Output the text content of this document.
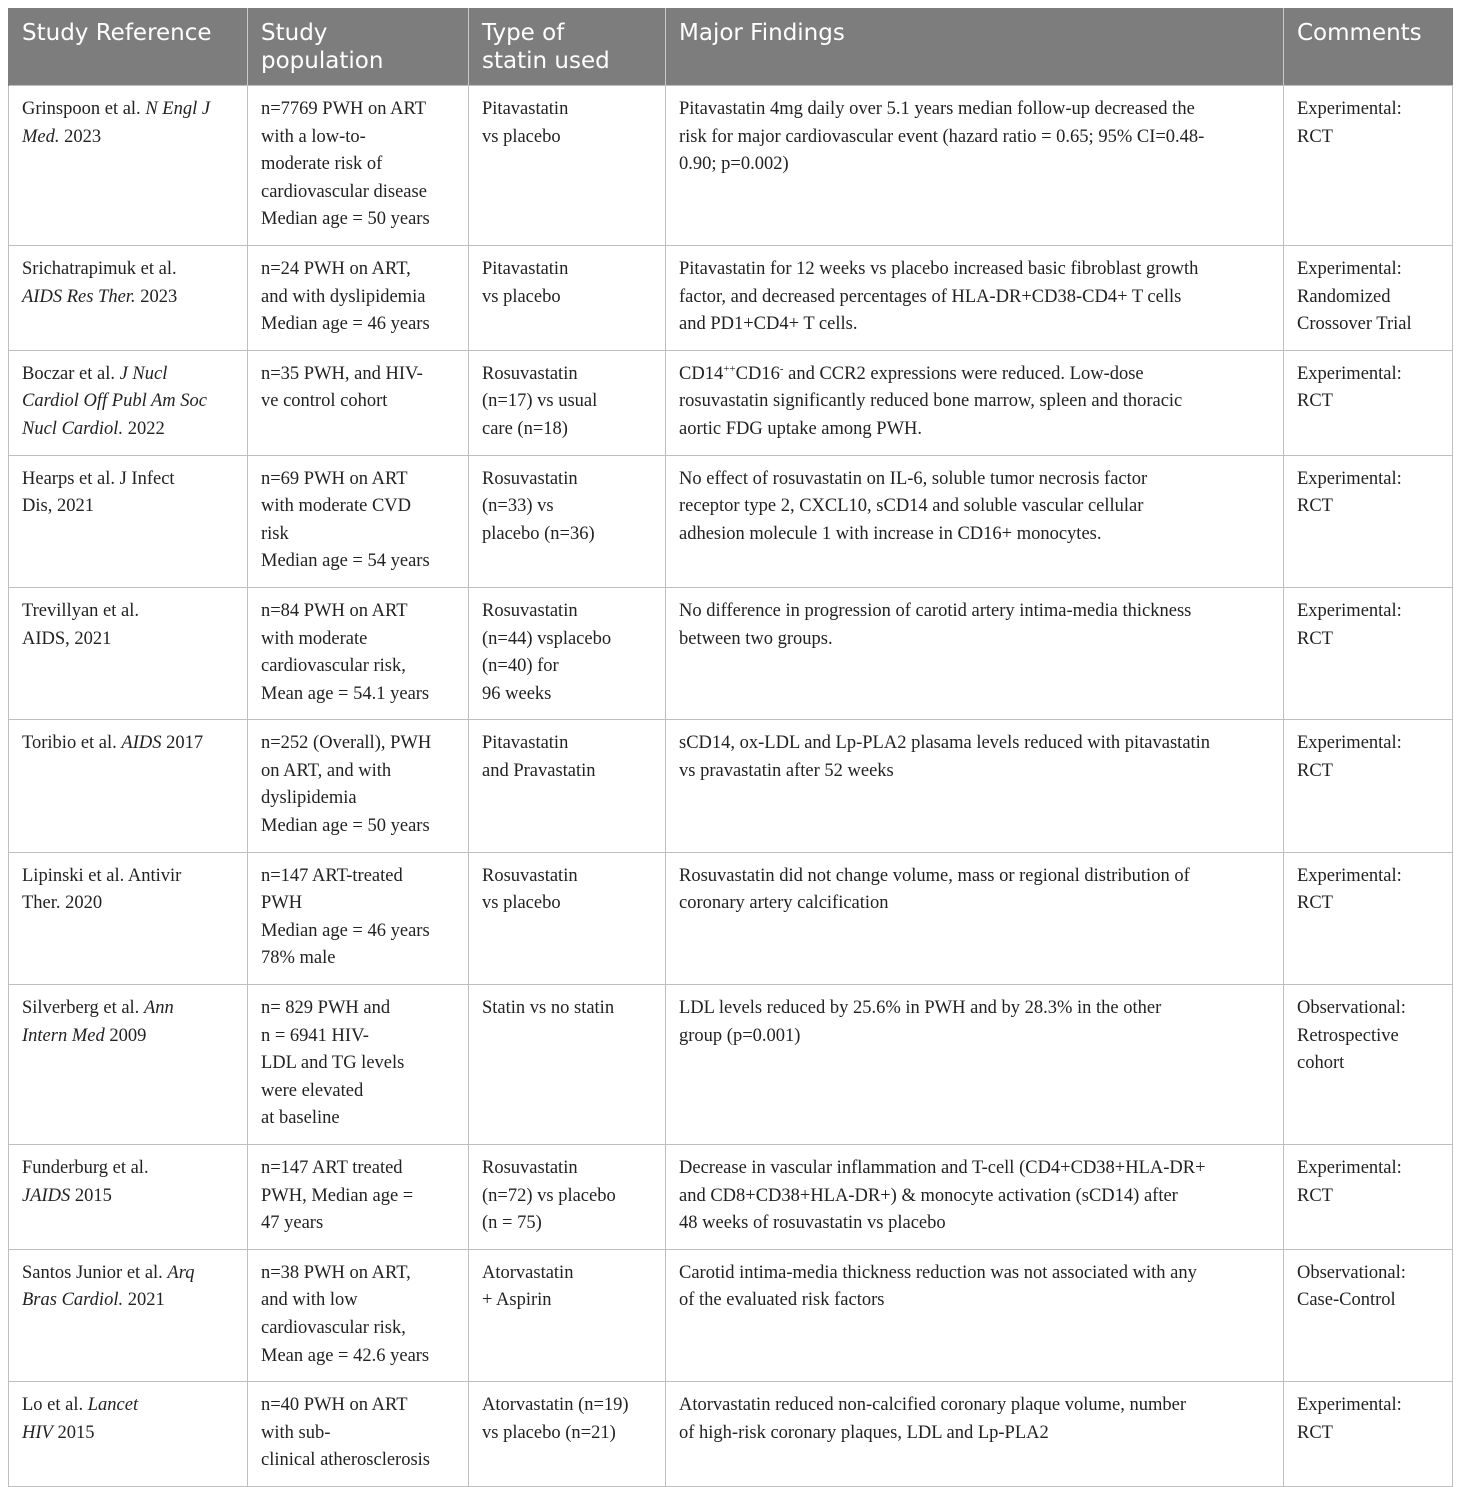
Study Reference	Study population	Type of statin used	Major Findings	Comments

Grinspoon et al. N Engl J
Med. 2023	n=7769 PWH on ART
with a low-to-
moderate risk of
cardiovascular disease
Median age = 50 years	Pitavastatin
vs placebo	Pitavastatin 4mg daily over 5.1 years median follow-up decreased the
risk for major cardiovascular event (hazard ratio = 0.65; 95% CI=0.48-
0.90; p=0.002)	Experimental:
RCT

Srichatrapimuk et al.
AIDS Res Ther. 2023	n=24 PWH on ART,
and with dyslipidemia
Median age = 46 years	Pitavastatin
vs placebo	Pitavastatin for 12 weeks vs placebo increased basic fibroblast growth
factor, and decreased percentages of HLA-DR+CD38-CD4+ T cells
and PD1+CD4+ T cells.	Experimental:
Randomized
Crossover Trial

Boczar et al. J Nucl
Cardiol Off Publ Am Soc
Nucl Cardiol. 2022	n=35 PWH, and HIV-
ve control cohort	Rosuvastatin
(n=17) vs usual
care (n=18)	CD14++CD16- and CCR2 expressions were reduced. Low-dose
rosuvastatin significantly reduced bone marrow, spleen and thoracic
aortic FDG uptake among PWH.	Experimental:
RCT

Hearps et al. J Infect
Dis, 2021	n=69 PWH on ART
with moderate CVD
risk
Median age = 54 years	Rosuvastatin
(n=33) vs
placebo (n=36)	No effect of rosuvastatin on IL-6, soluble tumor necrosis factor
receptor type 2, CXCL10, sCD14 and soluble vascular cellular
adhesion molecule 1 with increase in CD16+ monocytes.	Experimental:
RCT

Trevillyan et al.
AIDS, 2021	n=84 PWH on ART
with moderate
cardiovascular risk,
Mean age = 54.1 years	Rosuvastatin
(n=44) vsplacebo
(n=40) for
96 weeks	No difference in progression of carotid artery intima-media thickness
between two groups.	Experimental:
RCT

Toribio et al. AIDS 2017	n=252 (Overall), PWH
on ART, and with
dyslipidemia
Median age = 50 years	Pitavastatin
and Pravastatin	sCD14, ox-LDL and Lp-PLA2 plasama levels reduced with pitavastatin
vs pravastatin after 52 weeks	Experimental:
RCT

Lipinski et al. Antivir
Ther. 2020	n=147 ART-treated
PWH
Median age = 46 years
78% male	Rosuvastatin
vs placebo	Rosuvastatin did not change volume, mass or regional distribution of
coronary artery calcification	Experimental:
RCT

Silverberg et al. Ann
Intern Med 2009	n= 829 PWH and
n = 6941 HIV-
LDL and TG levels
were elevated
at baseline	Statin vs no statin	LDL levels reduced by 25.6% in PWH and by 28.3% in the other
group (p=0.001)	Observational:
Retrospective
cohort

Funderburg et al.
JAIDS 2015	n=147 ART treated
PWH, Median age =
47 years	Rosuvastatin
(n=72) vs placebo
(n = 75)	Decrease in vascular inflammation and T-cell (CD4+CD38+HLA-DR+
and CD8+CD38+HLA-DR+) & monocyte activation (sCD14) after
48 weeks of rosuvastatin vs placebo	Experimental:
RCT

Santos Junior et al. Arq
Bras Cardiol. 2021	n=38 PWH on ART,
and with low
cardiovascular risk,
Mean age = 42.6 years	Atorvastatin
+ Aspirin	Carotid intima-media thickness reduction was not associated with any
of the evaluated risk factors	Observational:
Case-Control

Lo et al. Lancet
HIV 2015	n=40 PWH on ART
with sub-
clinical atherosclerosis	Atorvastatin (n=19)
vs placebo (n=21)	Atorvastatin reduced non-calcified coronary plaque volume, number
of high-risk coronary plaques, LDL and Lp-PLA2	Experimental:
RCT
